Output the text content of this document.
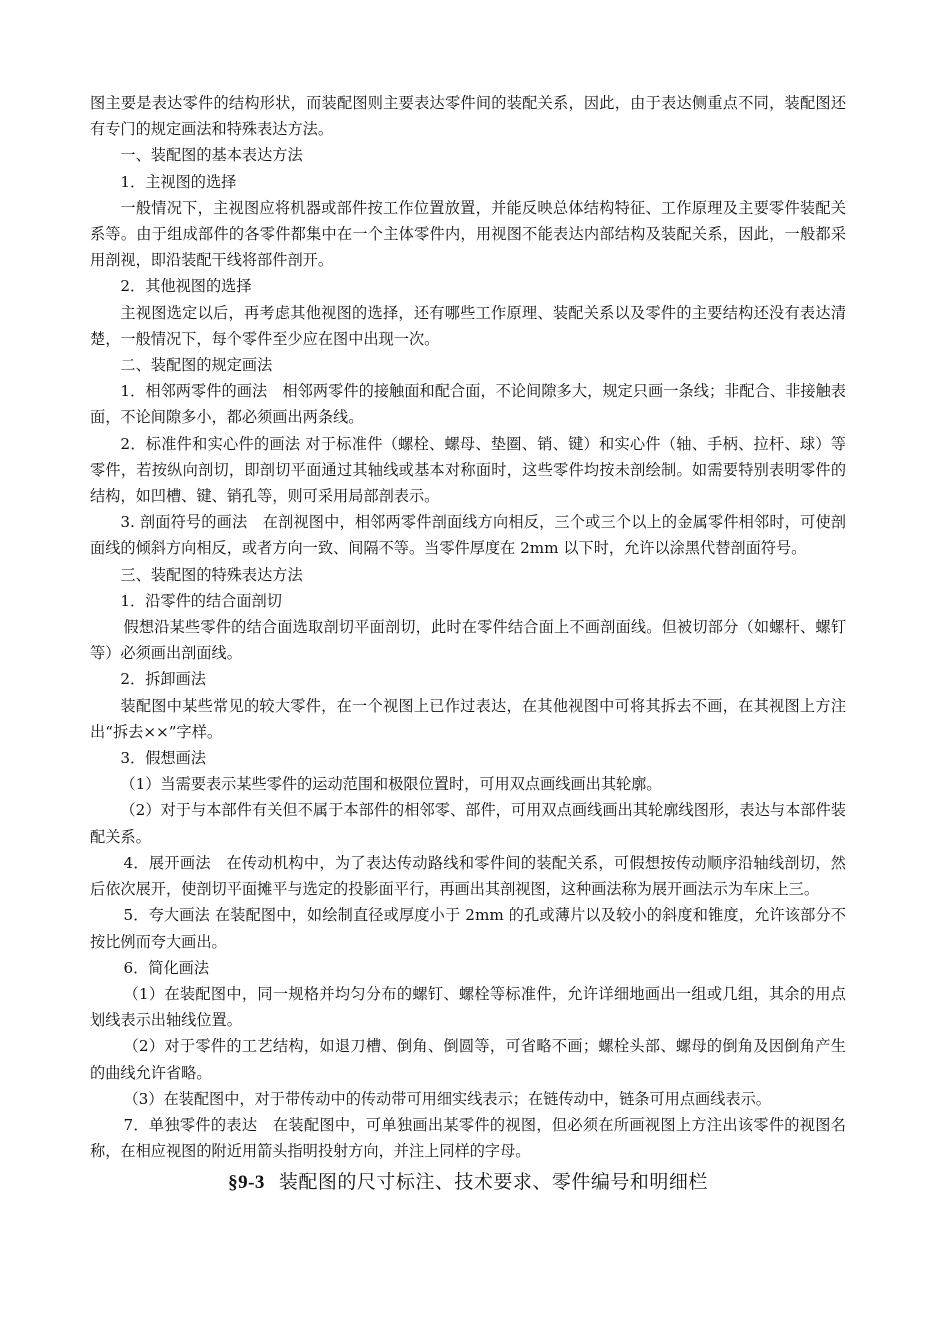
图主要是表达零件的结构形状，而装配图则主要表达零件间的装配关系，因此，由于表达侧重点不同，装配图还有专门的规定画法和特殊表达方法。

一、装配图的基本表达方法

1．主视图的选择

一般情况下，主视图应将机器或部件按工作位置放置，并能反映总体结构特征、工作原理及主要零件装配关系等。由于组成部件的各零件都集中在一个主体零件内，用视图不能表达内部结构及装配关系，因此，一般都采用剖视，即沿装配干线将部件剖开。

2．其他视图的选择

主视图选定以后，再考虑其他视图的选择，还有哪些工作原理、装配关系以及零件的主要结构还没有表达清楚，一般情况下，每个零件至少应在图中出现一次。

二、装配图的规定画法

1．相邻两零件的画法　相邻两零件的接触面和配合面，不论间隙多大，规定只画一条线；非配合、非接触表面，不论间隙多小，都必须画出两条线。

2．标准件和实心件的画法 对于标准件（螺栓、螺母、垫圈、销、键）和实心件（轴、手柄、拉杆、球）等零件，若按纵向剖切，即剖切平面通过其轴线或基本对称面时，这些零件均按未剖绘制。如需要特别表明零件的结构，如凹槽、键、销孔等，则可采用局部剖表示。

3. 剖面符号的画法　在剖视图中，相邻两零件剖面线方向相反，三个或三个以上的金属零件相邻时，可使剖面线的倾斜方向相反，或者方向一致、间隔不等。当零件厚度在 2mm 以下时，允许以涂黑代替剖面符号。

三、装配图的特殊表达方法

1．沿零件的结合面剖切

假想沿某些零件的结合面选取剖切平面剖切，此时在零件结合面上不画剖面线。但被切部分（如螺杆、螺钉等）必须画出剖面线。

2．拆卸画法

装配图中某些常见的较大零件，在一个视图上已作过表达，在其他视图中可将其拆去不画，在其视图上方注出“拆去××”字样。

3．假想画法

（1）当需要表示某些零件的运动范围和极限位置时，可用双点画线画出其轮廓。

（2）对于与本部件有关但不属于本部件的相邻零、部件，可用双点画线画出其轮廓线图形，表达与本部件装配关系。

4．展开画法　在传动机构中，为了表达传动路线和零件间的装配关系，可假想按传动顺序沿轴线剖切，然后依次展开，使剖切平面摊平与选定的投影面平行，再画出其剖视图，这种画法称为展开画法示为车床上三。

5．夸大画法 在装配图中，如绘制直径或厚度小于 2mm 的孔或薄片以及较小的斜度和锥度，允许该部分不按比例而夸大画出。

6．简化画法

（1）在装配图中，同一规格并均匀分布的螺钉、螺栓等标准件，允许详细地画出一组或几组，其余的用点划线表示出轴线位置。

（2）对于零件的工艺结构，如退刀槽、倒角、倒圆等，可省略不画；螺栓头部、螺母的倒角及因倒角产生的曲线允许省略。

（3）在装配图中，对于带传动中的传动带可用细实线表示；在链传动中，链条可用点画线表示。

7．单独零件的表达　在装配图中，可单独画出某零件的视图，但必须在所画视图上方注出该零件的视图名称，在相应视图的附近用箭头指明投射方向，并注上同样的字母。

§9-3 装配图的尺寸标注、技术要求、零件编号和明细栏
